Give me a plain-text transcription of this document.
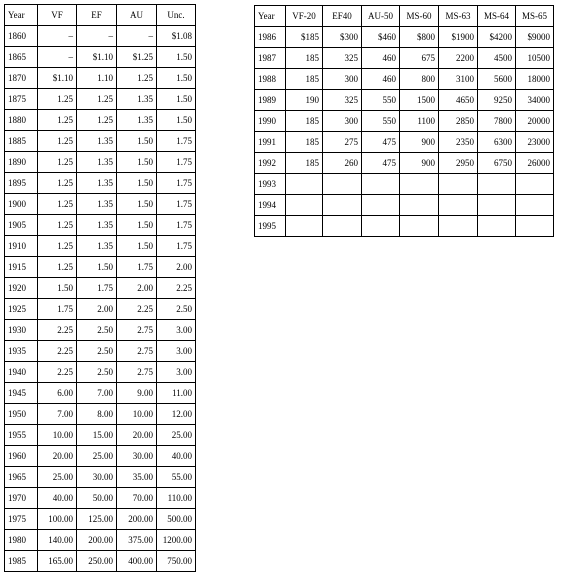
Year	VF	EF	AU	Unc.
1860	–	–	–	$1.08
1865	–	$1.10	$1.25	1.50
1870	$1.10	1.10	1.25	1.50
1875	1.25	1.25	1.35	1.50
1880	1.25	1.25	1.35	1.50
1885	1.25	1.35	1.50	1.75
1890	1.25	1.35	1.50	1.75
1895	1.25	1.35	1.50	1.75
1900	1.25	1.35	1.50	1.75
1905	1.25	1.35	1.50	1.75
1910	1.25	1.35	1.50	1.75
1915	1.25	1.50	1.75	2.00
1920	1.50	1.75	2.00	2.25
1925	1.75	2.00	2.25	2.50
1930	2.25	2.50	2.75	3.00
1935	2.25	2.50	2.75	3.00
1940	2.25	2.50	2.75	3.00
1945	6.00	7.00	9.00	11.00
1950	7.00	8.00	10.00	12.00
1955	10.00	15.00	20.00	25.00
1960	20.00	25.00	30.00	40.00
1965	25.00	30.00	35.00	55.00
1970	40.00	50.00	70.00	110.00
1975	100.00	125.00	200.00	500.00
1980	140.00	200.00	375.00	1200.00
1985	165.00	250.00	400.00	750.00
Year	VF-20	EF40	AU-50	MS-60	MS-63	MS-64	MS-65
1986	$185	$300	$460	$800	$1900	$4200	$9000
1987	185	325	460	675	2200	4500	10500
1988	185	300	460	800	3100	5600	18000
1989	190	325	550	1500	4650	9250	34000
1990	185	300	550	1100	2850	7800	20000
1991	185	275	475	900	2350	6300	23000
1992	185	260	475	900	2950	6750	26000
1993							
1994							
1995							
